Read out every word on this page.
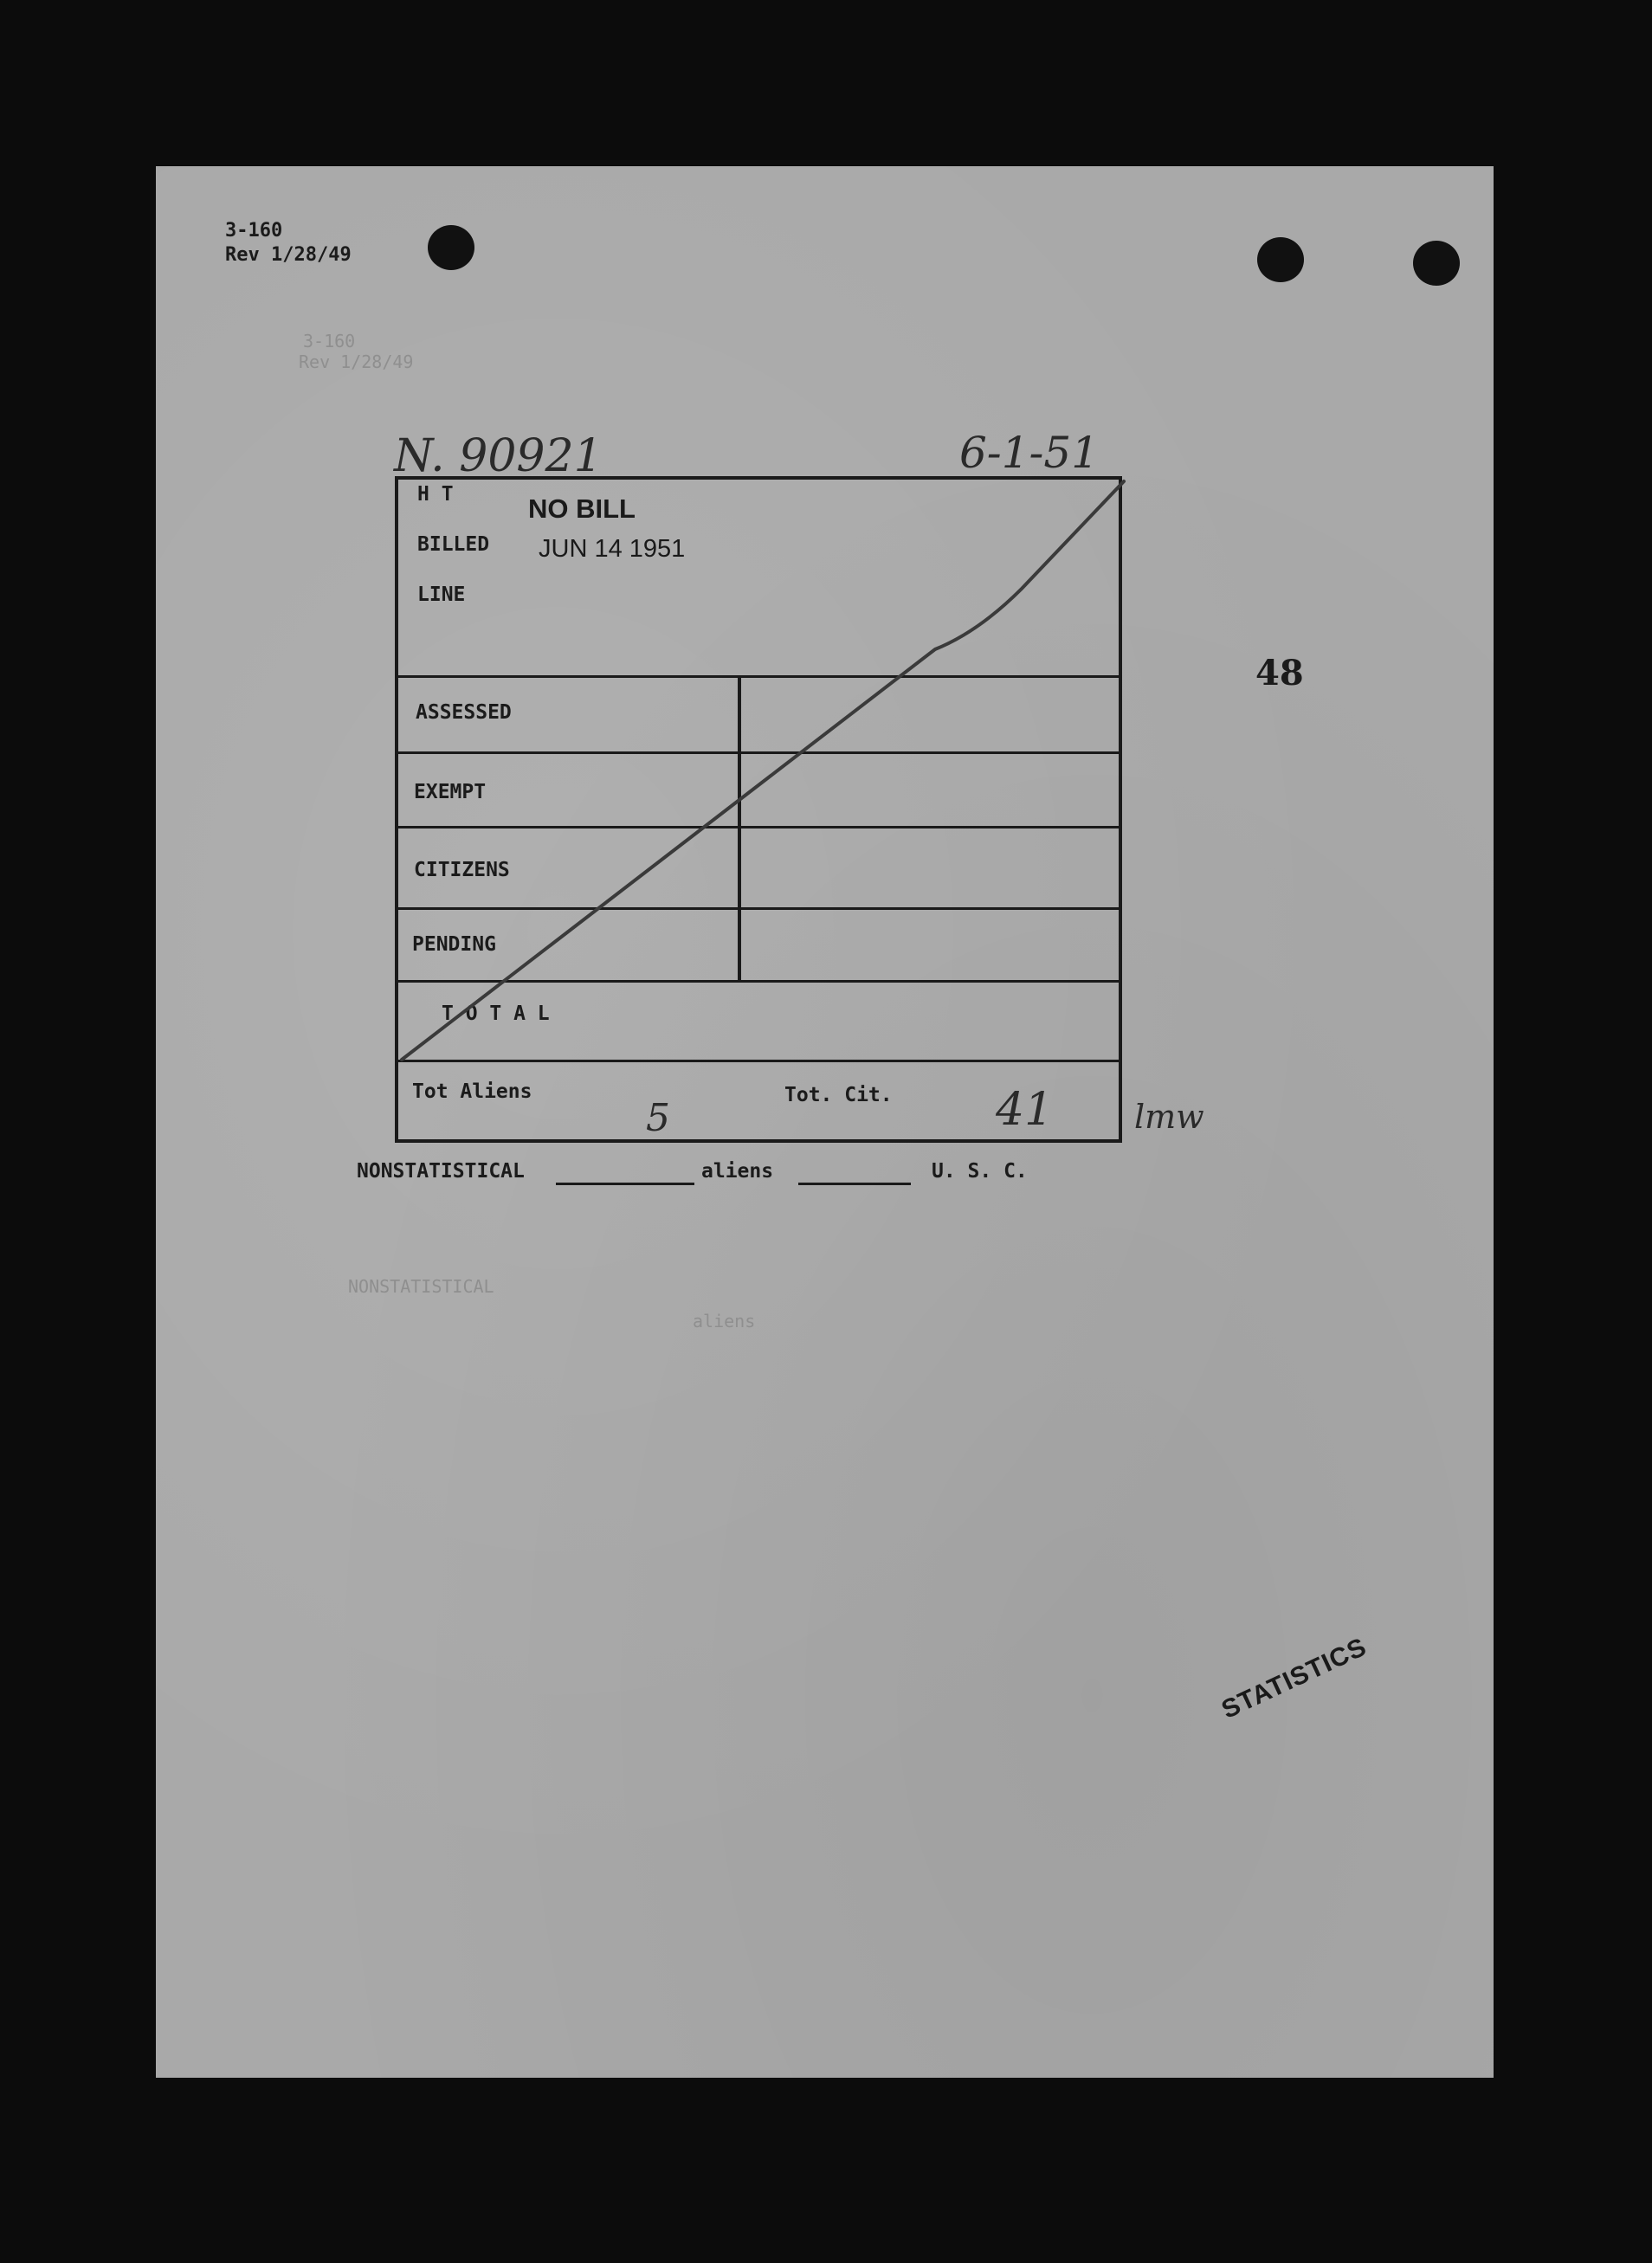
3-160
Rev 1/28/49
3-160
Rev 1/28/49
N. 90921	6-1-51
48
NONSTATISTICAL	aliens	U. S. C.
NONSTATISTICAL
aliens
STATISTICS
H T
BILLED
LINE
NO BILL
JUN 14 1951
ASSESSED
EXEMPT
CITIZENS
PENDING
T O T A L
Tot Aliens
5
Tot. Cit. 41 lmw
